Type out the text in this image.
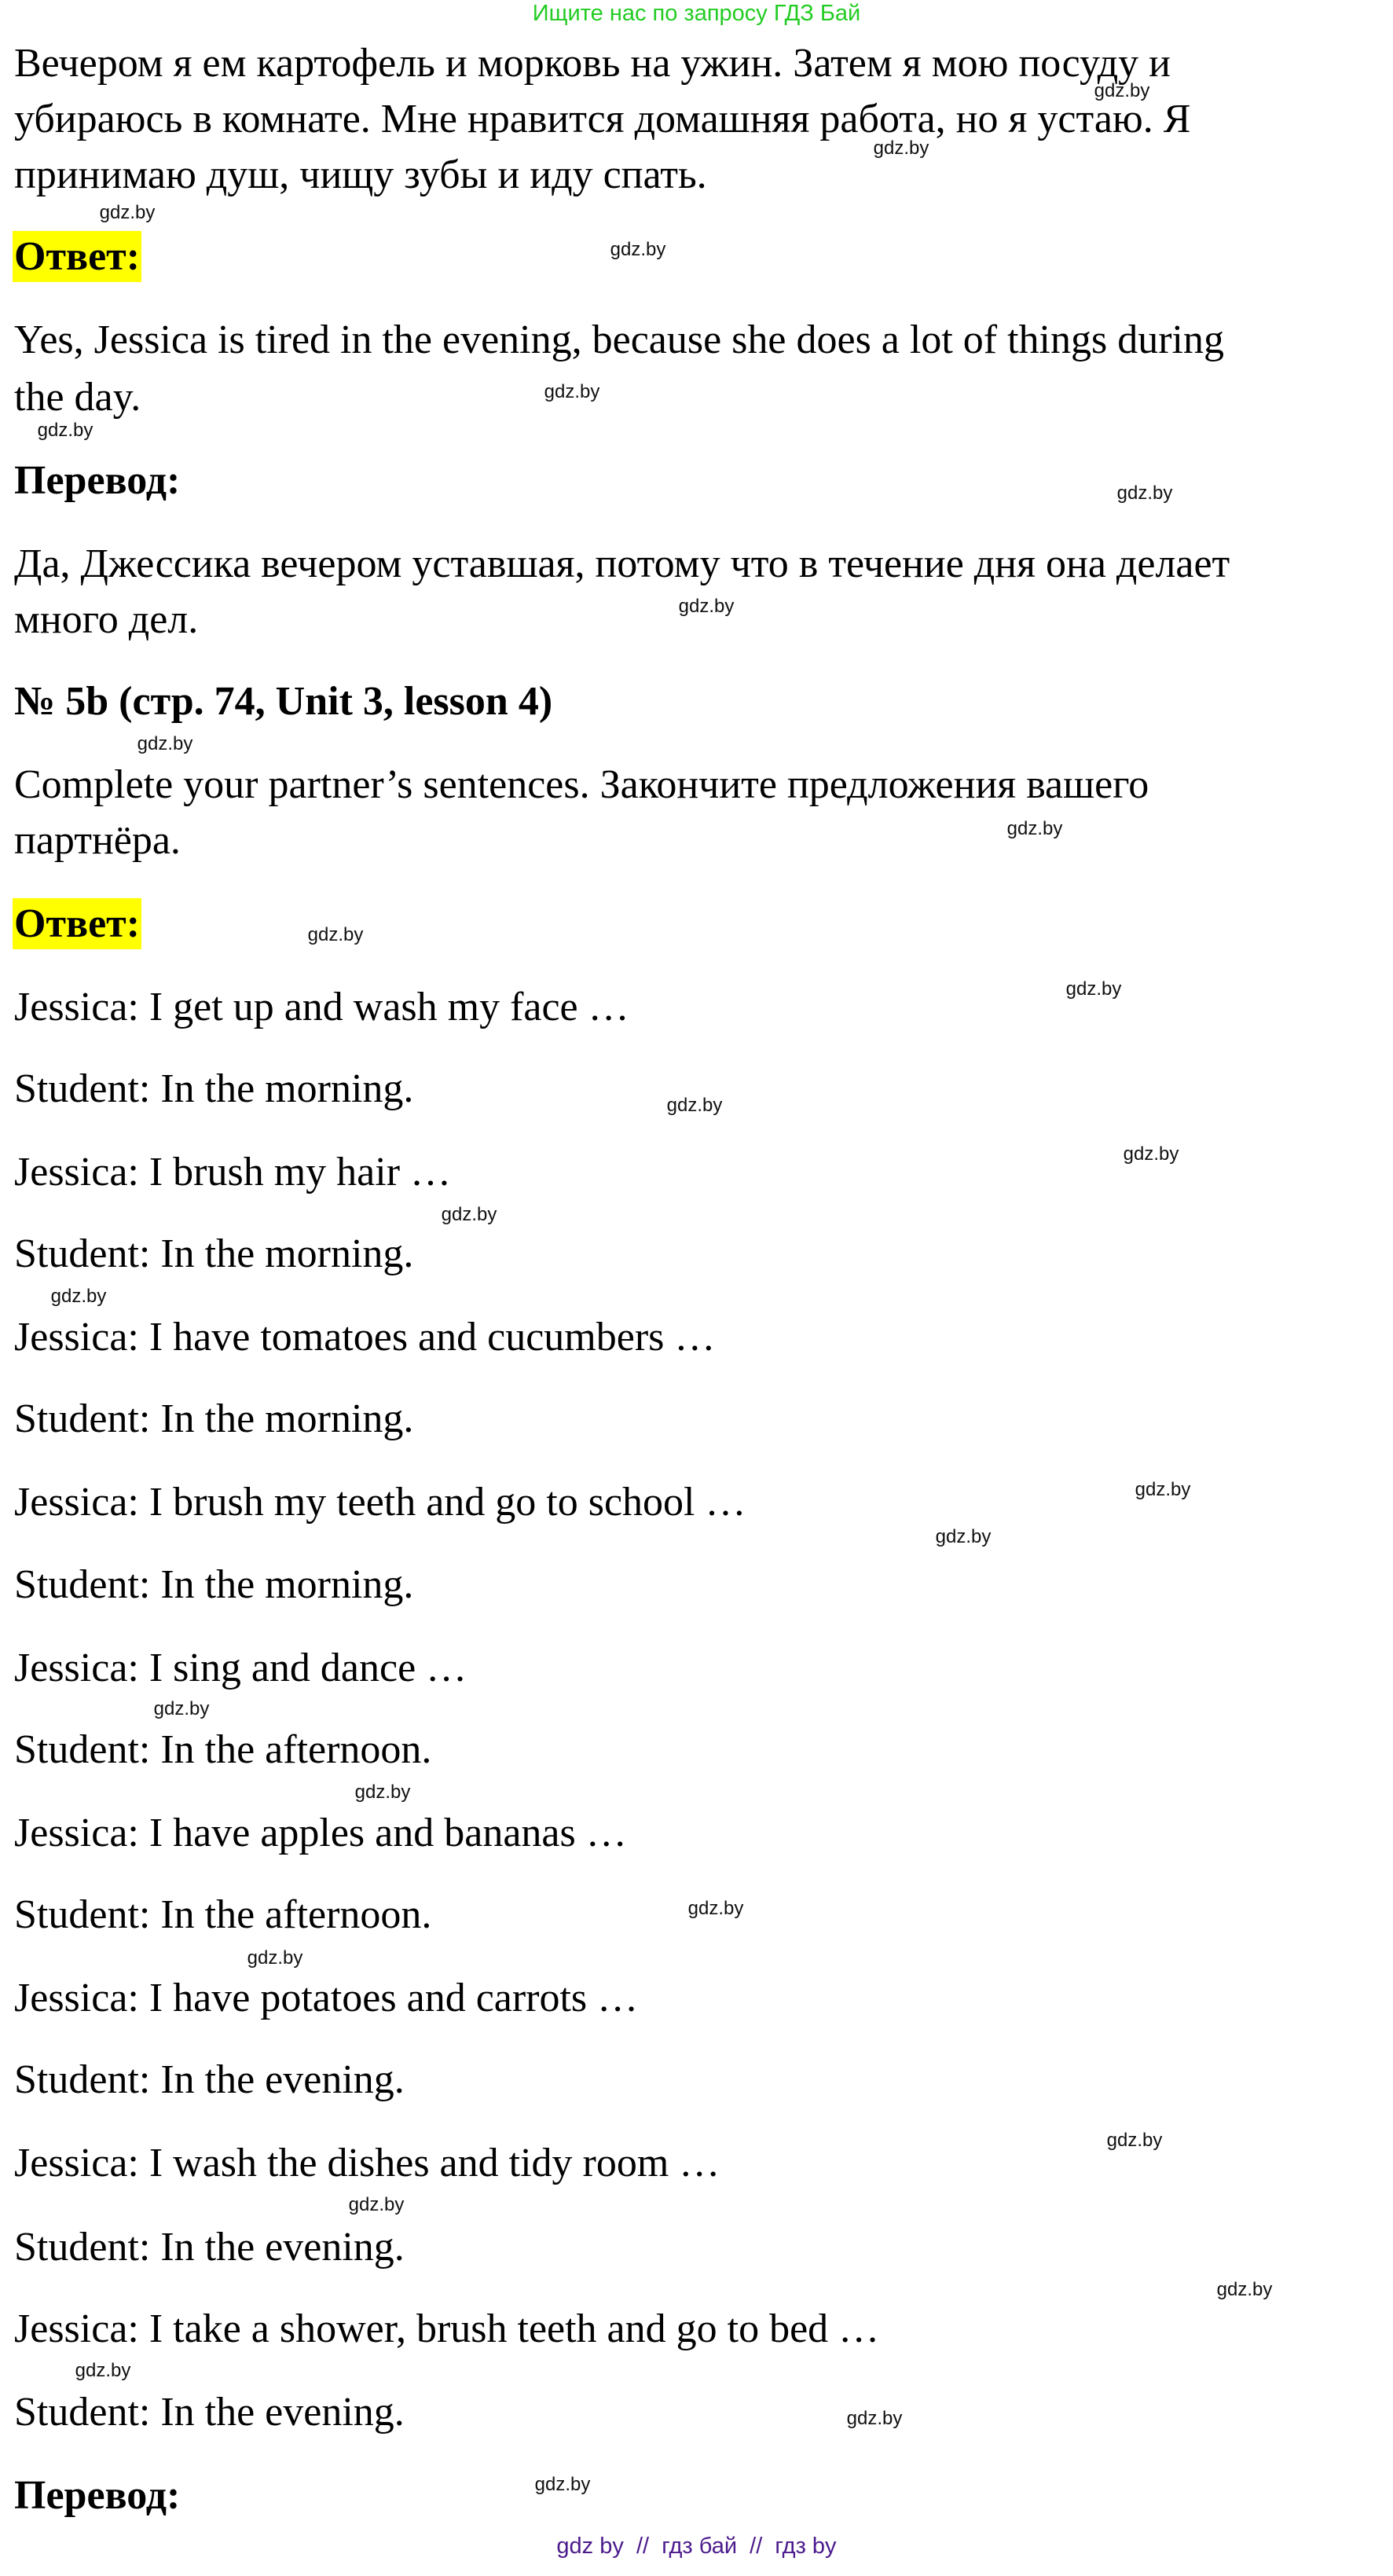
Ищите нас по запросу ГДЗ Бай
Вечером я ем картофель и морковь на ужин. Затем я мою посуду и
убираюсь в комнате. Мне нравится домашняя работа, но я устаю. Я
принимаю душ, чищу зубы и иду спать.
Ответ:
Yes, Jessica is tired in the evening, because she does a lot of things during
the day.
Перевод:
Да, Джессика вечером уставшая, потому что в течение дня она делает
много дел.
№ 5b (стр. 74, Unit 3, lesson 4)
Complete your partner’s sentences. Закончите предложения вашего
партнёра.
Ответ:
Jessica: I get up and wash my face …
Student: In the morning.
Jessica: I brush my hair …
Student: In the morning.
Jessica: I have tomatoes and cucumbers …
Student: In the morning.
Jessica: I brush my teeth and go to school …
Student: In the morning.
Jessica: I sing and dance …
Student: In the afternoon.
Jessica: I have apples and bananas …
Student: In the afternoon.
Jessica: I have potatoes and carrots …
Student: In the evening.
Jessica: I wash the dishes and tidy room …
Student: In the evening.
Jessica: I take a shower, brush teeth and go to bed …
Student: In the evening.
Перевод:
gdz by  //  гдз бай  //  гдз by
gdz.by
gdz.by
gdz.by
gdz.by
gdz.by
gdz.by
gdz.by
gdz.by
gdz.by
gdz.by
gdz.by
gdz.by
gdz.by
gdz.by
gdz.by
gdz.by
gdz.by
gdz.by
gdz.by
gdz.by
gdz.by
gdz.by
gdz.by
gdz.by
gdz.by
gdz.by
gdz.by
gdz.by
